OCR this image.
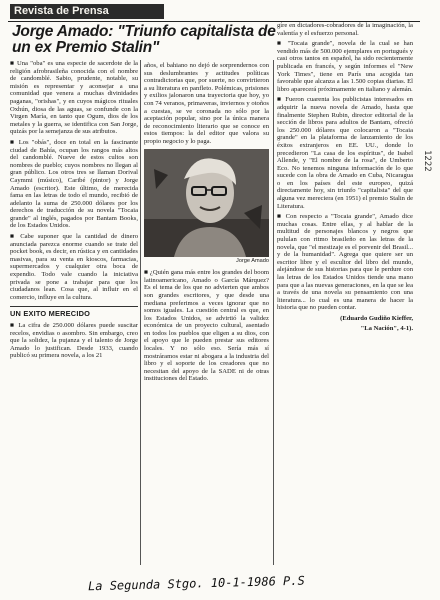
Revista de Prensa
Jorge Amado: "Triunfo capitalista de un ex Premio Stalin"

■ Una "oba" es una especie de sacerdote de la religión afrobrasileña conocida con el nombre de candomblé. Sabio, prudente, notable, su misión es representar y aconsejar a una comunidad que venera a muchas divinidades paganas, "orishas", y en cuyos mágicos rituales Oxhún, diosa de las aguas, se confunde con la Virgen María, en tanto que Ogum, dios de los metales y la guerra, se identifica con San Jorge, quizás por la semejanza de sus atributos.

■ Los "obás", doce en total en la fascinante ciudad de Bahía, ocupan los rangos más altos del candomblé. Nueve de estos cultos son nombres de pueblo; cuyos nombres no llegan al gran público. Los otros tres se llaman Dorival Caymmi (músico), Caribé (pintor) y Jorge Amado (escritor). Este último, de merecida fama en las letras de todo el mundo, recibió de adelanto la suma de 250.000 dólares por los derechos de traducción de su novela "Tocaia grande" al inglés, pagados por Bantam Books, de los Estados Unidos.

■ Cabe suponer que la cantidad de dinero anunciada parezca enorme cuando se trate del pocket book, es decir, en rústica y en cantidades masivas, para su venta en kioscos, farmacias, supermercados y cualquier otra boca de expendio. Todo vale cuando la iniciativa privada se pone a trabajar para que los ciudadanos lean. Cosa que, al influir en el comercio, influye en la cultura.

UN EXITO MERECIDO

■ La cifra de 250.000 dólares puede suscitar recelos, envidias o asombro. Sin embargo, creo que la solidez, la pujanza y el talento de Jorge Amado lo justifican. Desde 1933, cuando publicó su primera novela, a los 21

años, el bahiano no dejó de sorprendernos con sus deslumbrantes y actitudes políticas contradictorias que, por suerte, no convirtieron a su literatura en panfleto. Polémicas, prisiones y exilios jalonaron una trayectoria que hoy, yo con 74 veranos, primaveras, inviernos y otoños a cuestas, se ve coronada no sólo por la aceptación popular, sino por la única manera de reconocimiento literario que se conoce en estos tiempos: la del editor que valora su propio negocio y lo paga.

Jorge Amado

■ ¿Quién gana más entre los grandes del boom latinoamericano, Amado o García Márquez? Es el tema de los que no advierten que ambos son grandes escritores, y que desde una mediana preferimos a veces ignorar que no somos iguales. La cuestión central es que, en los Estados Unidos, se advirtió la validez económica de un proyecto cultural, asentado en todos los pueblos que eligen a su dios, con el apoyo que le pueden prestar sus editores locales. Y no sólo eso. Sería más sí mostráramos estar ni abogara a la industria del libro y el soporte de los creadores que no necesitan del apoyo de la SADE ni de otras instituciones del Estado.

gíre en dictadores-cobradores de la imaginación, la valentía y el esfuerzo personal.

■ "Tocaia grande", novela de la cual se han vendido más de 500.000 ejemplares en portugués y casi otros tantos en español, ha sido recientemente publicada en francés, y según informes el "New York Times", tiene en París una acogida tan favorable que alcanza a las 1.500 copias diarias. El libro aparecerá próximamente en italiano y alemán.

■ Fueron cuarenta los publicistas interesados en adquirir la nueva novela de Amado, hasta que finalmente Stephen Rubin, director editorial de la sección de libros para adultos de Bantam, ofreció los 250.000 dólares que colocaron a "Tocaia grande" en la plataforma de lanzamiento de los éxitos extranjeros en EE. UU., donde lo precedieron "La casa de los espíritus", de Isabel Allende, y "El nombre de la rosa", de Umberto Eco. No tenemos ninguna información de lo que sucede con la obra de Amado en Cuba, Nicaragua o en los países del este europeo, quizá directamente hoy, sin triunfo "capitalista" del que alguna vez mereciera (en 1951) el premio Stalin de Literatura.

■ Con respecto a "Tocaia grande", Amado dice muchas cosas. Entre ellas, y al hablar de la multitud de personajes blancos y negros que pululan con ritmo brasileño en las letras de la novela, que "el mestizaje es el porvenir del Brasil... y de la humanidad". Agrega que quiere ser un escritor libre y el escultor del libro del mundo, alejándose de sus historias para que le perdure con las letras de los Estados Unidos tiende una mano para que a las nuevas generaciones, en la que se lea a través de una novela su pensamiento con una literatura... lo cual es una manera de hacer la historia que no pueden contar.

(Eduardo Gudiño Kieffer,
"La Nación", 4-1).
1222
La Segunda Stgo. 10-1-1986 P.S
